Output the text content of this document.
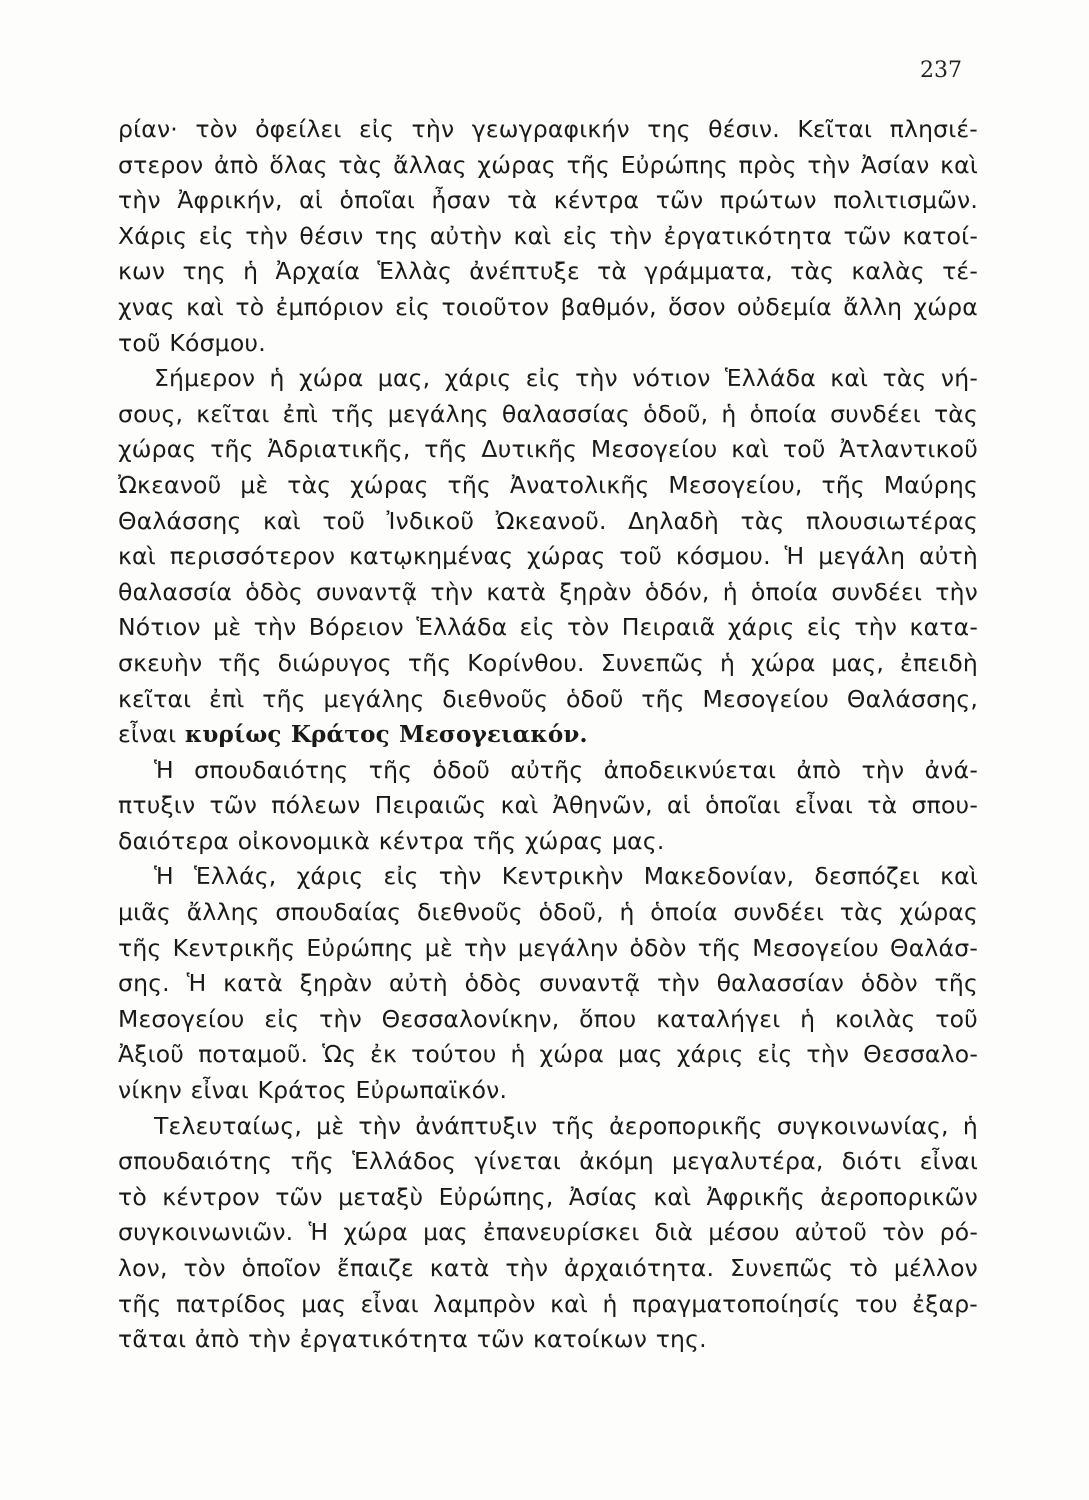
237
ρίαν· τὸν ὀφείλει εἰς τὴν γεωγραφικήν της θέσιν. Κεῖται πλησιέ-
στερον ἀπὸ ὅλας τὰς ἄλλας χώρας τῆς Εὐρώπης πρὸς τὴν Ἀσίαν καὶ
τὴν Ἀφρικήν, αἱ ὁποῖαι ἦσαν τὰ κέντρα τῶν πρώτων πολιτισμῶν.
Χάρις εἰς τὴν θέσιν της αὐτὴν καὶ εἰς τὴν ἐργατικότητα τῶν κατοί-
κων της ἡ Ἀρχαία Ἑλλὰς ἀνέπτυξε τὰ γράμματα, τὰς καλὰς τέ-
χνας καὶ τὸ ἐμπόριον εἰς τοιοῦτον βαθμόν, ὅσον οὐδεμία ἄλλη χώρα
τοῦ Κόσμου.
Σήμερον ἡ χώρα μας, χάρις εἰς τὴν νότιον Ἑλλάδα καὶ τὰς νή-
σους, κεῖται ἐπὶ τῆς μεγάλης θαλασσίας ὁδοῦ, ἡ ὁποία συνδέει τὰς
χώρας τῆς Ἀδριατικῆς, τῆς Δυτικῆς Μεσογείου καὶ τοῦ Ἀτλαντικοῦ
Ὠκεανοῦ μὲ τὰς χώρας τῆς Ἀνατολικῆς Μεσογείου, τῆς Μαύρης
Θαλάσσης καὶ τοῦ Ἰνδικοῦ Ὠκεανοῦ. Δηλαδὴ τὰς πλουσιωτέρας
καὶ περισσότερον κατῳκημένας χώρας τοῦ κόσμου. Ἡ μεγάλη αὐτὴ
θαλασσία ὁδὸς συναντᾷ τὴν κατὰ ξηρὰν ὁδόν, ἡ ὁποία συνδέει τὴν
Νότιον μὲ τὴν Βόρειον Ἑλλάδα εἰς τὸν Πειραιᾶ χάρις εἰς τὴν κατα-
σκευὴν τῆς διώρυγος τῆς Κορίνθου. Συνεπῶς ἡ χώρα μας, ἐπειδὴ
κεῖται ἐπὶ τῆς μεγάλης διεθνοῦς ὁδοῦ τῆς Μεσογείου Θαλάσσης,
εἶναι κυρίως Κράτος Μεσογειακόν.
Ἡ σπουδαιότης τῆς ὁδοῦ αὐτῆς ἀποδεικνύεται ἀπὸ τὴν ἀνά-
πτυξιν τῶν πόλεων Πειραιῶς καὶ Ἀθηνῶν, αἱ ὁποῖαι εἶναι τὰ σπου-
δαιότερα οἰκονομικὰ κέντρα τῆς χώρας μας.
Ἡ Ἑλλάς, χάρις εἰς τὴν Κεντρικὴν Μακεδονίαν, δεσπόζει καὶ
μιᾶς ἄλλης σπουδαίας διεθνοῦς ὁδοῦ, ἡ ὁποία συνδέει τὰς χώρας
τῆς Κεντρικῆς Εὐρώπης μὲ τὴν μεγάλην ὁδὸν τῆς Μεσογείου Θαλάσ-
σης. Ἡ κατὰ ξηρὰν αὐτὴ ὁδὸς συναντᾷ τὴν θαλασσίαν ὁδὸν τῆς
Μεσογείου εἰς τὴν Θεσσαλονίκην, ὅπου καταλήγει ἡ κοιλὰς τοῦ
Ἀξιοῦ ποταμοῦ. Ὡς ἐκ τούτου ἡ χώρα μας χάρις εἰς τὴν Θεσσαλο-
νίκην εἶναι Κράτος Εὐρωπαϊκόν.
Τελευταίως, μὲ τὴν ἀνάπτυξιν τῆς ἀεροπορικῆς συγκοινωνίας, ἡ
σπουδαιότης τῆς Ἑλλάδος γίνεται ἀκόμη μεγαλυτέρα, διότι εἶναι
τὸ κέντρον τῶν μεταξὺ Εὐρώπης, Ἀσίας καὶ Ἀφρικῆς ἀεροπορικῶν
συγκοινωνιῶν. Ἡ χώρα μας ἐπανευρίσκει διὰ μέσου αὐτοῦ τὸν ρό-
λον, τὸν ὁποῖον ἔπαιζε κατὰ τὴν ἀρχαιότητα. Συνεπῶς τὸ μέλλον
τῆς πατρίδος μας εἶναι λαμπρὸν καὶ ἡ πραγματοποίησίς του ἐξαρ-
τᾶται ἀπὸ τὴν ἐργατικότητα τῶν κατοίκων της.
